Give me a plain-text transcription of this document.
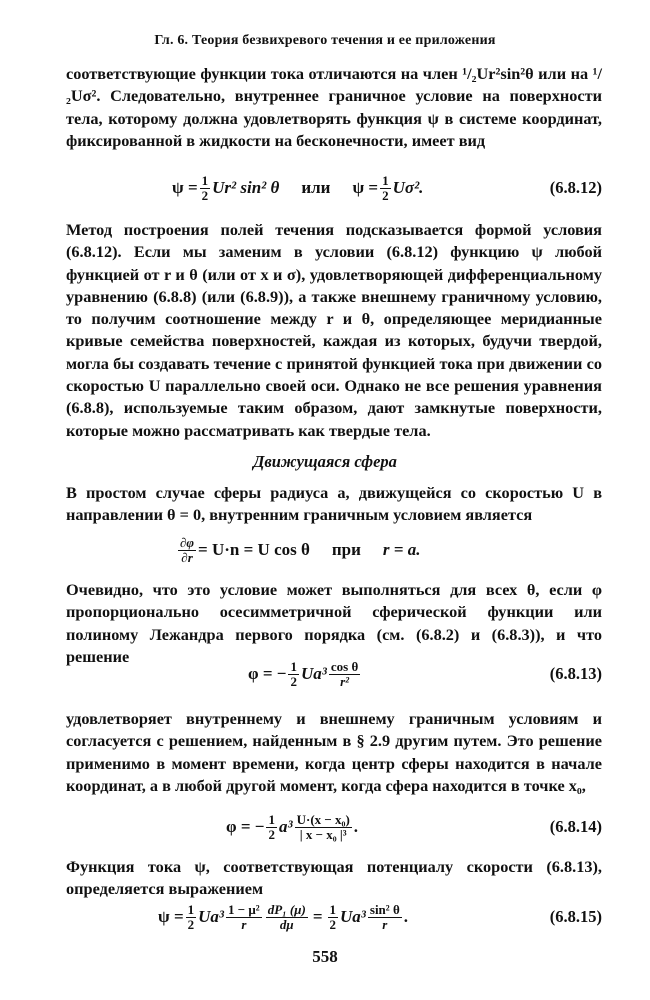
Гл. 6. Теория безвихревого течения и ее приложения
соответствующие функции тока отличаются на член ¹/₂Ur²sin²θ или на ¹/₂Uσ². Следовательно, внутреннее граничное условие на поверхности тела, которому должна удовлетворять функция ψ в системе координат, фиксированной в жидкости на бесконечности, имеет вид
$\psi = \frac{1}{2} Ur^2$ sin² θ или $\psi = \frac{1}{2} U\sigma^2$.	(6.8.12)
Метод построения полей течения подсказывается формой условия (6.8.12). Если мы заменим в условии (6.8.12) функцию ψ любой функцией от r и θ (или от x и σ), удовлетворяющей дифференциальному уравнению (6.8.8) (или (6.8.9)), а также внешнему граничному условию, то получим соотношение между r и θ, определяющее меридианные кривые семейства поверхностей, каждая из которых, будучи твердой, могла бы создавать течение с принятой функцией тока при движении со скоростью U параллельно своей оси. Однако не все решения уравнения (6.8.8), используемые таким образом, дают замкнутые поверхности, которые можно рассматривать как твердые тела.
Движущаяся сфера
В простом случае сферы радиуса a, движущейся со скоростью U в направлении θ = 0, внутренним граничным условием является
$\frac{\partial\varphi}{\partial r} = U\cdot n = U$ cos θ при r = a.
Очевидно, что это условие может выполняться для всех θ, если φ пропорционально осесимметричной сферической функции или полиному Лежандра первого порядка (см. (6.8.2) и (6.8.3)), и что решение
φ = − $\frac{1}{2} Ua^3 \frac{\text{cos θ}}{\text{r²}}$	(6.8.13)
удовлетворяет внутреннему и внешнему граничным условиям и согласуется с решением, найденным в § 2.9 другим путем. Это решение применимо в момент времени, когда центр сферы находится в начале координат, а в любой другой момент, когда сфера находится в точке x₀,
φ = − $\frac{1}{2} a^3 \frac{\text{U·(x − x₀)}}{\text{| x − x₀ |³}}$ .	(6.8.14)
Функция тока ψ, соответствующая потенциалу скорости (6.8.13), определяется выражением
$\psi = \frac{1}{2} Ua^3 \frac{\text{1 − μ²}}{r} \frac{\text{dP₁ (μ)}}{d\mu} = \frac{1}{2} Ua^3 \frac{\text{sin² θ}}{r}$ .	(6.8.15)
558
